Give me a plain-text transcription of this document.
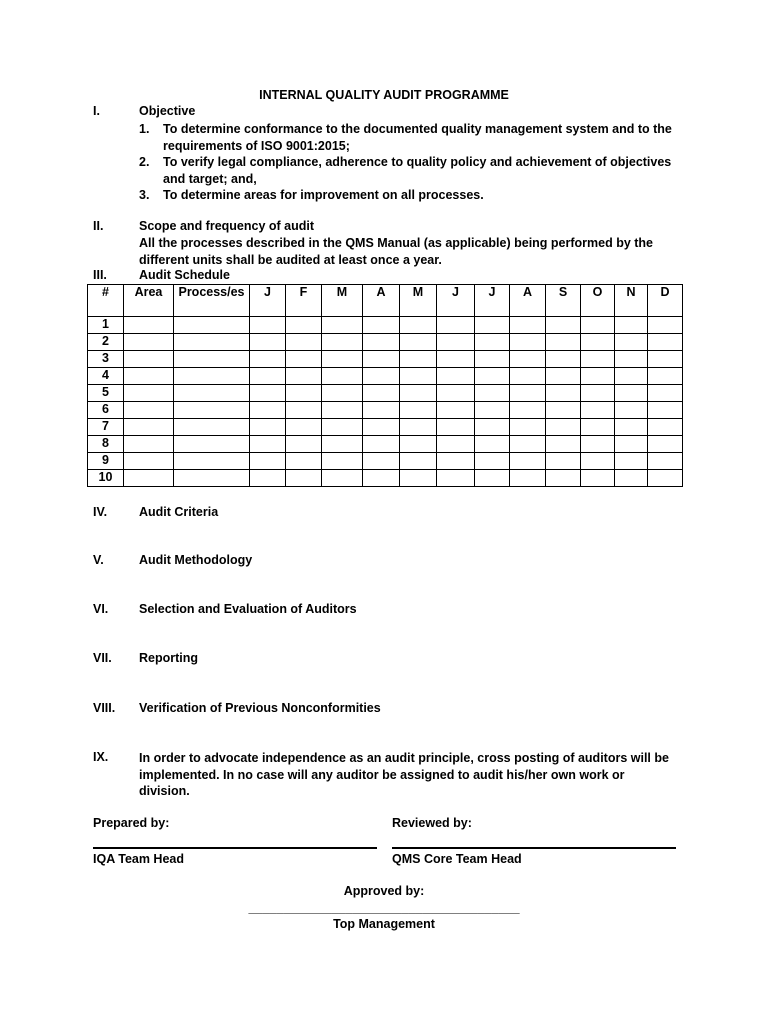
INTERNAL QUALITY AUDIT PROGRAMME
I.	Objective
1. To determine conformance to the documented quality management system and to the requirements of ISO 9001:2015;
2. To verify legal compliance, adherence to quality policy and achievement of objectives and target; and,
3. To determine areas for improvement on all processes.
II.	Scope and frequency of audit
All the processes described in the QMS Manual (as applicable) being performed by the different units shall be audited at least once a year.
III.	Audit Schedule
#	Area	Process/es	J	F	M	A	M	J	J	A	S	O	N	D
1														
2														
3														
4														
5														
6														
7														
8														
9														
10														
IV.	Audit Criteria
V.	Audit Methodology
VI. Selection and Evaluation of Auditors
VII. Reporting
VIII. Verification of Previous Nonconformities
IX. In order to advocate independence as an audit principle, cross posting of auditors will be implemented. In no case will any auditor be assigned to audit his/her own work or division.
Prepared by:
IQA Team Head
Reviewed by:
QMS Core Team Head
Approved by:
_______________________________________
Top Management
